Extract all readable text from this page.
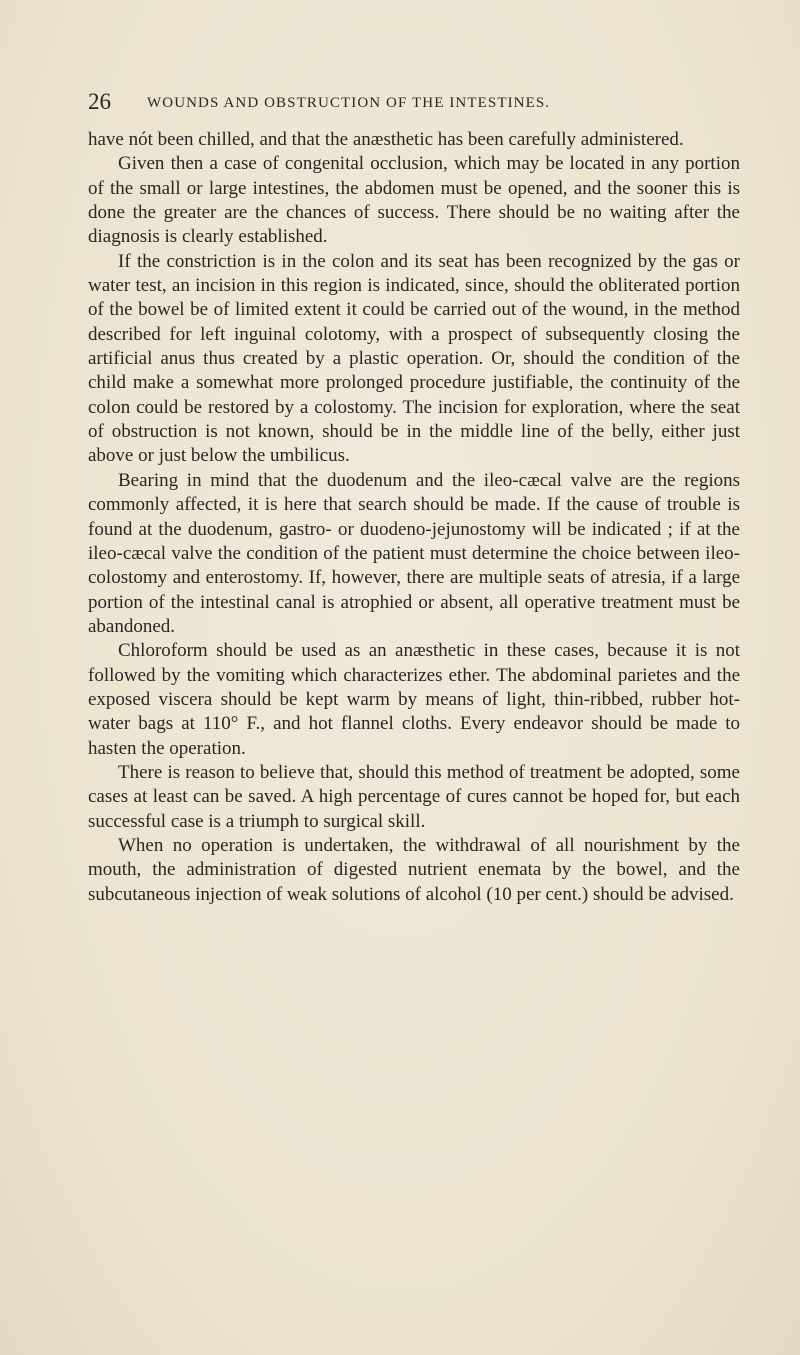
26 WOUNDS AND OBSTRUCTION OF THE INTESTINES.

have nót been chilled, and that the anæsthetic has been carefully administered.

Given then a case of congenital occlusion, which may be located in any portion of the small or large intestines, the abdomen must be opened, and the sooner this is done the greater are the chances of success. There should be no waiting after the diagnosis is clearly established.

If the constriction is in the colon and its seat has been recognized by the gas or water test, an incision in this region is indicated, since, should the obliterated portion of the bowel be of limited extent it could be carried out of the wound, in the method described for left inguinal colotomy, with a prospect of subsequently closing the artificial anus thus created by a plastic operation. Or, should the condition of the child make a somewhat more prolonged procedure justifiable, the continuity of the colon could be restored by a colostomy. The incision for exploration, where the seat of obstruction is not known, should be in the middle line of the belly, either just above or just below the umbilicus.

Bearing in mind that the duodenum and the ileo-cæcal valve are the regions commonly affected, it is here that search should be made. If the cause of trouble is found at the duodenum, gastro- or duodeno-jejunostomy will be indicated ; if at the ileo-cæcal valve the condition of the patient must determine the choice between ileo-colostomy and enterostomy. If, however, there are multiple seats of atresia, if a large portion of the intestinal canal is atrophied or absent, all operative treatment must be abandoned.

Chloroform should be used as an anæsthetic in these cases, because it is not followed by the vomiting which characterizes ether. The abdominal parietes and the exposed viscera should be kept warm by means of light, thin-ribbed, rubber hot-water bags at 110° F., and hot flannel cloths. Every endeavor should be made to hasten the operation.

There is reason to believe that, should this method of treatment be adopted, some cases at least can be saved. A high percentage of cures cannot be hoped for, but each successful case is a triumph to surgical skill.

When no operation is undertaken, the withdrawal of all nourishment by the mouth, the administration of digested nutrient enemata by the bowel, and the subcutaneous injection of weak solutions of alcohol (10 per cent.) should be advised.
